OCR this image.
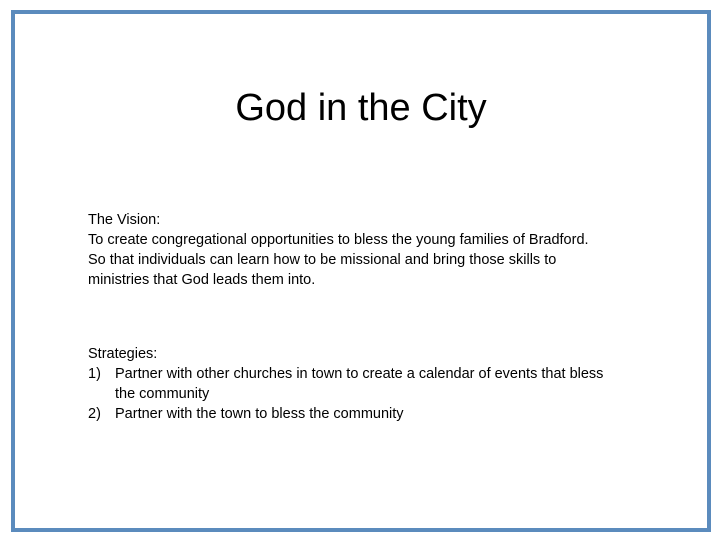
God in the City
The Vision:
To create congregational opportunities to bless the young families of Bradford.
So that individuals can learn how to be missional and bring those skills to
ministries that God leads them into.
Strategies:
1) Partner with other churches in town to create a calendar of events that bless
the community
2) Partner with the town to bless the community
